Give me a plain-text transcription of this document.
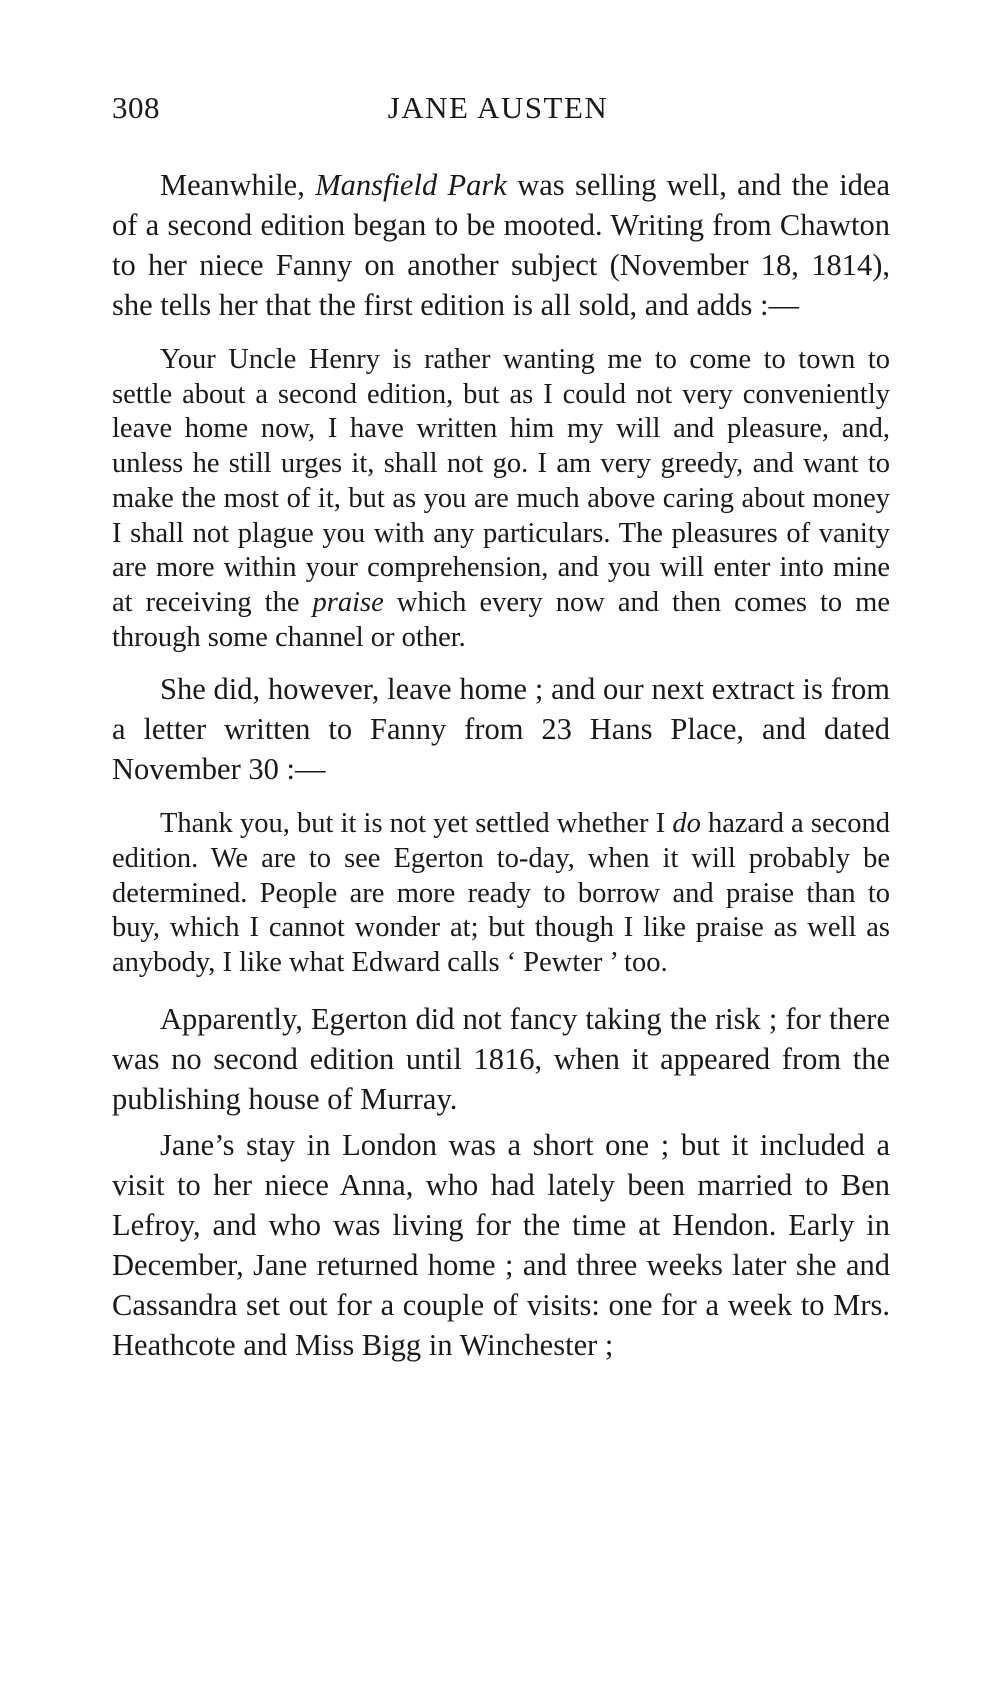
308	JANE AUSTEN

Meanwhile, Mansfield Park was selling well, and the idea of a second edition began to be mooted. Writing from Chawton to her niece Fanny on another subject (November 18, 1814), she tells her that the first edition is all sold, and adds :—

Your Uncle Henry is rather wanting me to come to town to settle about a second edition, but as I could not very conveniently leave home now, I have written him my will and pleasure, and, unless he still urges it, shall not go. I am very greedy, and want to make the most of it, but as you are much above caring about money I shall not plague you with any particulars. The pleasures of vanity are more within your comprehension, and you will enter into mine at receiving the praise which every now and then comes to me through some channel or other.

She did, however, leave home ; and our next extract is from a letter written to Fanny from 23 Hans Place, and dated November 30 :—

Thank you, but it is not yet settled whether I do hazard a second edition. We are to see Egerton to-day, when it will probably be determined. People are more ready to borrow and praise than to buy, which I cannot wonder at; but though I like praise as well as anybody, I like what Edward calls ‘ Pewter ’ too.

Apparently, Egerton did not fancy taking the risk ; for there was no second edition until 1816, when it appeared from the publishing house of Murray.

Jane’s stay in London was a short one ; but it included a visit to her niece Anna, who had lately been married to Ben Lefroy, and who was living for the time at Hendon. Early in December, Jane returned home ; and three weeks later she and Cassandra set out for a couple of visits: one for a week to Mrs. Heathcote and Miss Bigg in Winchester ;
